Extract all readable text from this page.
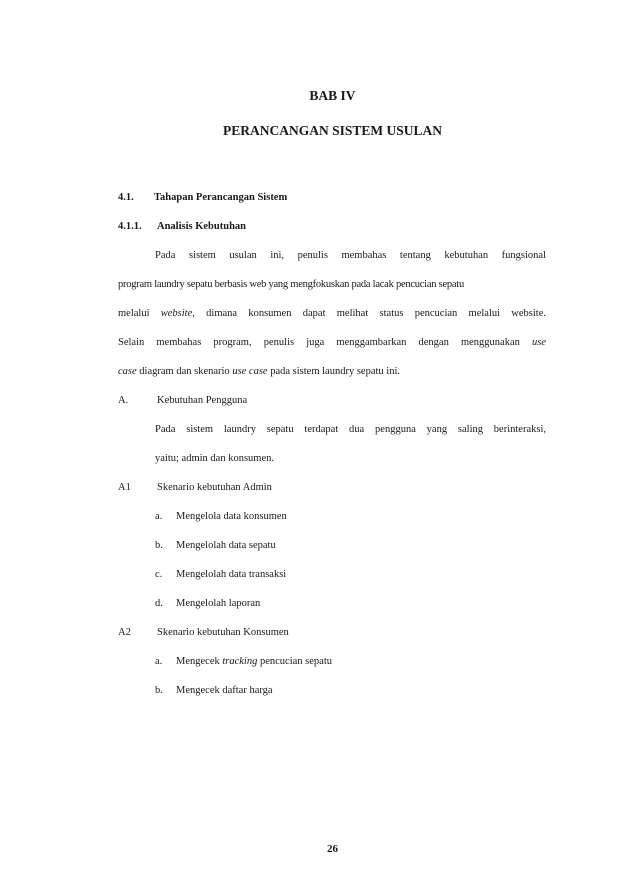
BAB IV
PERANCANGAN SISTEM USULAN
4.1. Tahapan Perancangan Sistem
4.1.1. Analisis Kebutuhan
Pada sistem usulan ini, penulis membahas tentang kebutuhan fungsional
program laundry sepatu berbasis web yang mengfokuskan pada lacak pencucian sepatu
melalui website, dimana konsumen dapat melihat status pencucian melalui website.
Selain membahas program, penulis juga menggambarkan dengan menggunakan use
case diagram dan skenario use case pada sistem laundry sepatu ini.
A.	Kebutuhan Pengguna
Pada sistem laundry sepatu terdapat dua pengguna yang saling berinteraksi,
yaitu; admin dan konsumen.
A1 Skenario kebutuhan Admin
a. Mengelola data konsumen
b. Mengelolah data sepatu
c. Mengelolah data transaksi
d. Mengelolah laporan
A2 Skenario kebutuhan Konsumen
a. Mengecek tracking pencucian sepatu
b. Mengecek daftar harga
26
